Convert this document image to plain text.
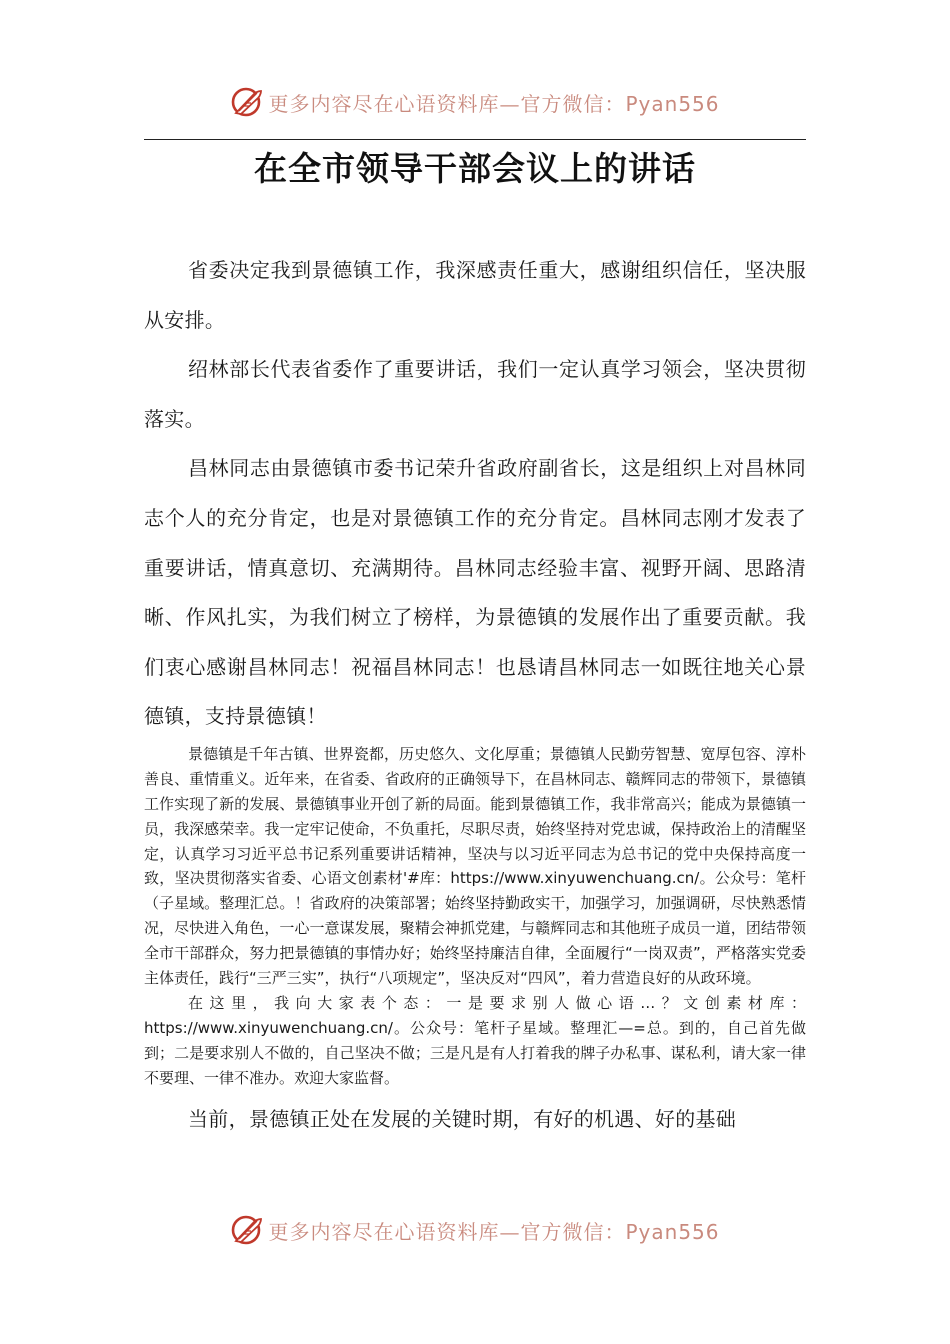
更多内容尽在心语资料库—官方微信：Pyan556
在全市领导干部会议上的讲话

省委决定我到景德镇工作，我深感责任重大，感谢组织信任，坚决服从安排。

绍林部长代表省委作了重要讲话，我们一定认真学习领会，坚决贯彻落实。

昌林同志由景德镇市委书记荣升省政府副省长，这是组织上对昌林同志个人的充分肯定，也是对景德镇工作的充分肯定。昌林同志刚才发表了重要讲话，情真意切、充满期待。昌林同志经验丰富、视野开阔、思路清晰、作风扎实，为我们树立了榜样，为景德镇的发展作出了重要贡献。我们衷心感谢昌林同志！祝福昌林同志！也恳请昌林同志一如既往地关心景德镇，支持景德镇！

景德镇是千年古镇、世界瓷都，历史悠久、文化厚重；景德镇人民勤劳智慧、宽厚包容、淳朴善良、重情重义。近年来，在省委、省政府的正确领导下，在昌林同志、赣辉同志的带领下，景德镇工作实现了新的发展、景德镇事业开创了新的局面。能到景德镇工作，我非常高兴；能成为景德镇一员，我深感荣幸。我一定牢记使命，不负重托，尽职尽责，始终坚持对党忠诚，保持政治上的清醒坚定，认真学习习近平总书记系列重要讲话精神，坚决与以习近平同志为总书记的党中央保持高度一致，坚决贯彻落实省委、心语文创素材'#库：https://www.xinyuwenchuang.cn/。公众号：笔杆（子星域。整理汇总。！省政府的决策部署；始终坚持勤政实干，加强学习，加强调研，尽快熟悉情况，尽快进入角色，一心一意谋发展，聚精会神抓党建，与赣辉同志和其他班子成员一道，团结带领全市干部群众，努力把景德镇的事情办好；始终坚持廉洁自律，全面履行“一岗双责”，严格落实党委主体责任，践行“三严三实”，执行“八项规定”，坚决反对“四风”，着力营造良好的从政环境。

在这里，我向大家表个态：一是要求别人做心语…？文创素材库：https://www.xinyuwenchuang.cn/。公众号：笔杆子星域。整理汇—=总。到的，自己首先做到；二是要求别人不做的，自己坚决不做；三是凡是有人打着我的牌子办私事、谋私利，请大家一律不要理、一律不准办。欢迎大家监督。

当前，景德镇正处在发展的关键时期，有好的机遇、好的基础

更多内容尽在心语资料库—官方微信：Pyan556
